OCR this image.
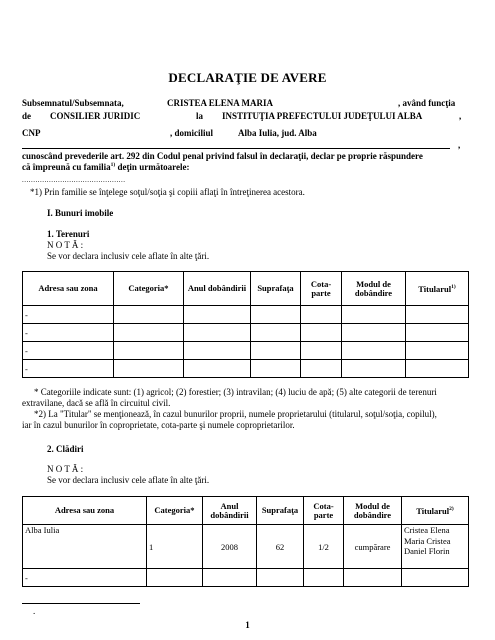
DECLARAŢIE DE AVERE
Subsemnatul/Subsemnata,	CRISTEA ELENA MARIA	, având funcţia
de CONSILIER JURIDIC	la INSTITUŢIA PREFECTULUI JUDEŢULUI ALBA	,
CNP	, domiciliul	Alba Iulia, jud. Alba
,
cunoscând prevederile art. 292 din Codul penal privind falsul în declaraţii, declar pe proprie răspundere
că împreună cu familia$^{1)}$ deţin următoarele:
..............................................
*1) Prin familie se înţelege soţul/soţia şi copiii aflaţi în întreţinerea acestora.
I. Bunuri imobile
1. Terenuri
N O T Ă :
Se vor declara inclusiv cele aflate în alte ţări.
Adresa sau zona	Categoria*	Anul dobândirii	Suprafaţa	Cota-parte	Modul de dobândire	Titularul$^{1)}$
-						
-						
-						
-						
* Categoriile indicate sunt: (1) agricol; (2) forestier; (3) intravilan; (4) luciu de apă; (5) alte categorii de terenuri
extravilane, dacă se află în circuitul civil.
*2) La "Titular" se menţionează, în cazul bunurilor proprii, numele proprietarului (titularul, soţul/soţia, copilul),
iar în cazul bunurilor în coproprietate, cota-parte şi numele coproprietarilor.
2. Clădiri
N O T Ă :
Se vor declara inclusiv cele aflate în alte ţări.
Adresa sau zona	Categoria*	Anul dobândirii	Suprafaţa	Cota-parte	Modul de dobândire	Titularul$^{2)}$
Alba Iulia	1	2008	62	1/2	cumpărare	Cristea Elena Maria Cristea Daniel Florin
-						
.
1
